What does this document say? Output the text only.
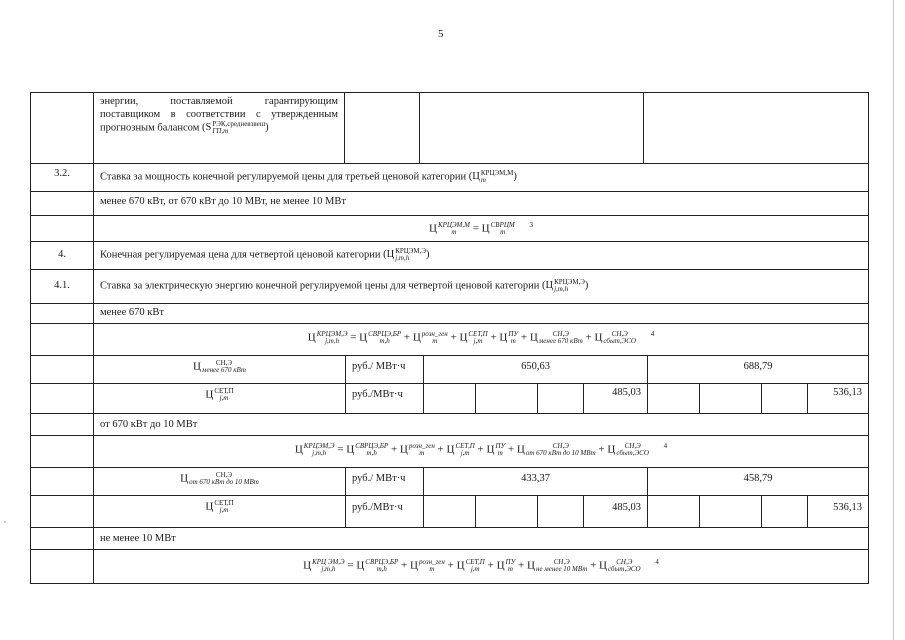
5
,
энергии, поставляемой гарантирующим поставщиком в соответствии с утвержденным прогнозным балансом (S РЭК,средневзвеш
ГП,m	)
3.2.	Ставка за мощность конечной регулируемой цены для третьей ценовой категории (Ц КРЦЭМ,М
m	)
менее 670 кВт, от 670 кВт до 10 МВт, не менее 10 МВт
Ц КРЦЭМ,М
m	= Ц СВРЦМ
m
$^3$
4.	Конечная регулируемая цена для четвертой ценовой категории (Ц КРЦЭМ,Э
j,m,h	)
4.1.	Ставка за электрическую энергию конечной регулируемой цены для четвертой ценовой категории (Ц КРЦЭМ,Э
j,m,h	)
менее 670 кВт
Ц КРЦЭМ,Э
j,m,h	= Ц СВРЦЭ,БР
m,h	+ Ц розн_ген
m	+ Ц СЕТ,П
j,m + Ц ПУ
m + Ц	СН,Э
менее 670 кВт + Ц	СН,Э
сбыт,ЭСО
$^4$
Ц	СН,Э
менее 670 кВт	руб./ МВт·ч	650,63	688,79
Ц СЕТ,П
j,m	руб./МВт·ч	485,03	536,13
от 670 кВт до 10 МВт
Ц КРЦЭМ,Э
j,m,h	= Ц СВРЦЭ,БР
m,h	+ Ц розн_ген
m	+ Ц СЕТ,П
j,m + Ц ПУ
m + Ц	СН,Э
от 670 кВт до 10 МВт + Ц	СН,Э
сбыт,ЭСО
$^4$
Ц	СН,Э
от 670 кВт до 10 МВт	руб./ МВт·ч	433,37	458,79
Ц СЕТ,П
j,m	руб./МВт·ч	485,03	536,13
не менее 10 МВт
Ц КРЦ ЭМ,Э
j,m,h	= Ц СВРЦЭ,БР
m,h	+ Ц розн_ген
m	+ Ц СЕТ,П
j,m + Ц ПУ
m + Ц	СН,Э
не менее 10 МВт + Ц	СН,Э
сбыт,ЭСО
$^4$
